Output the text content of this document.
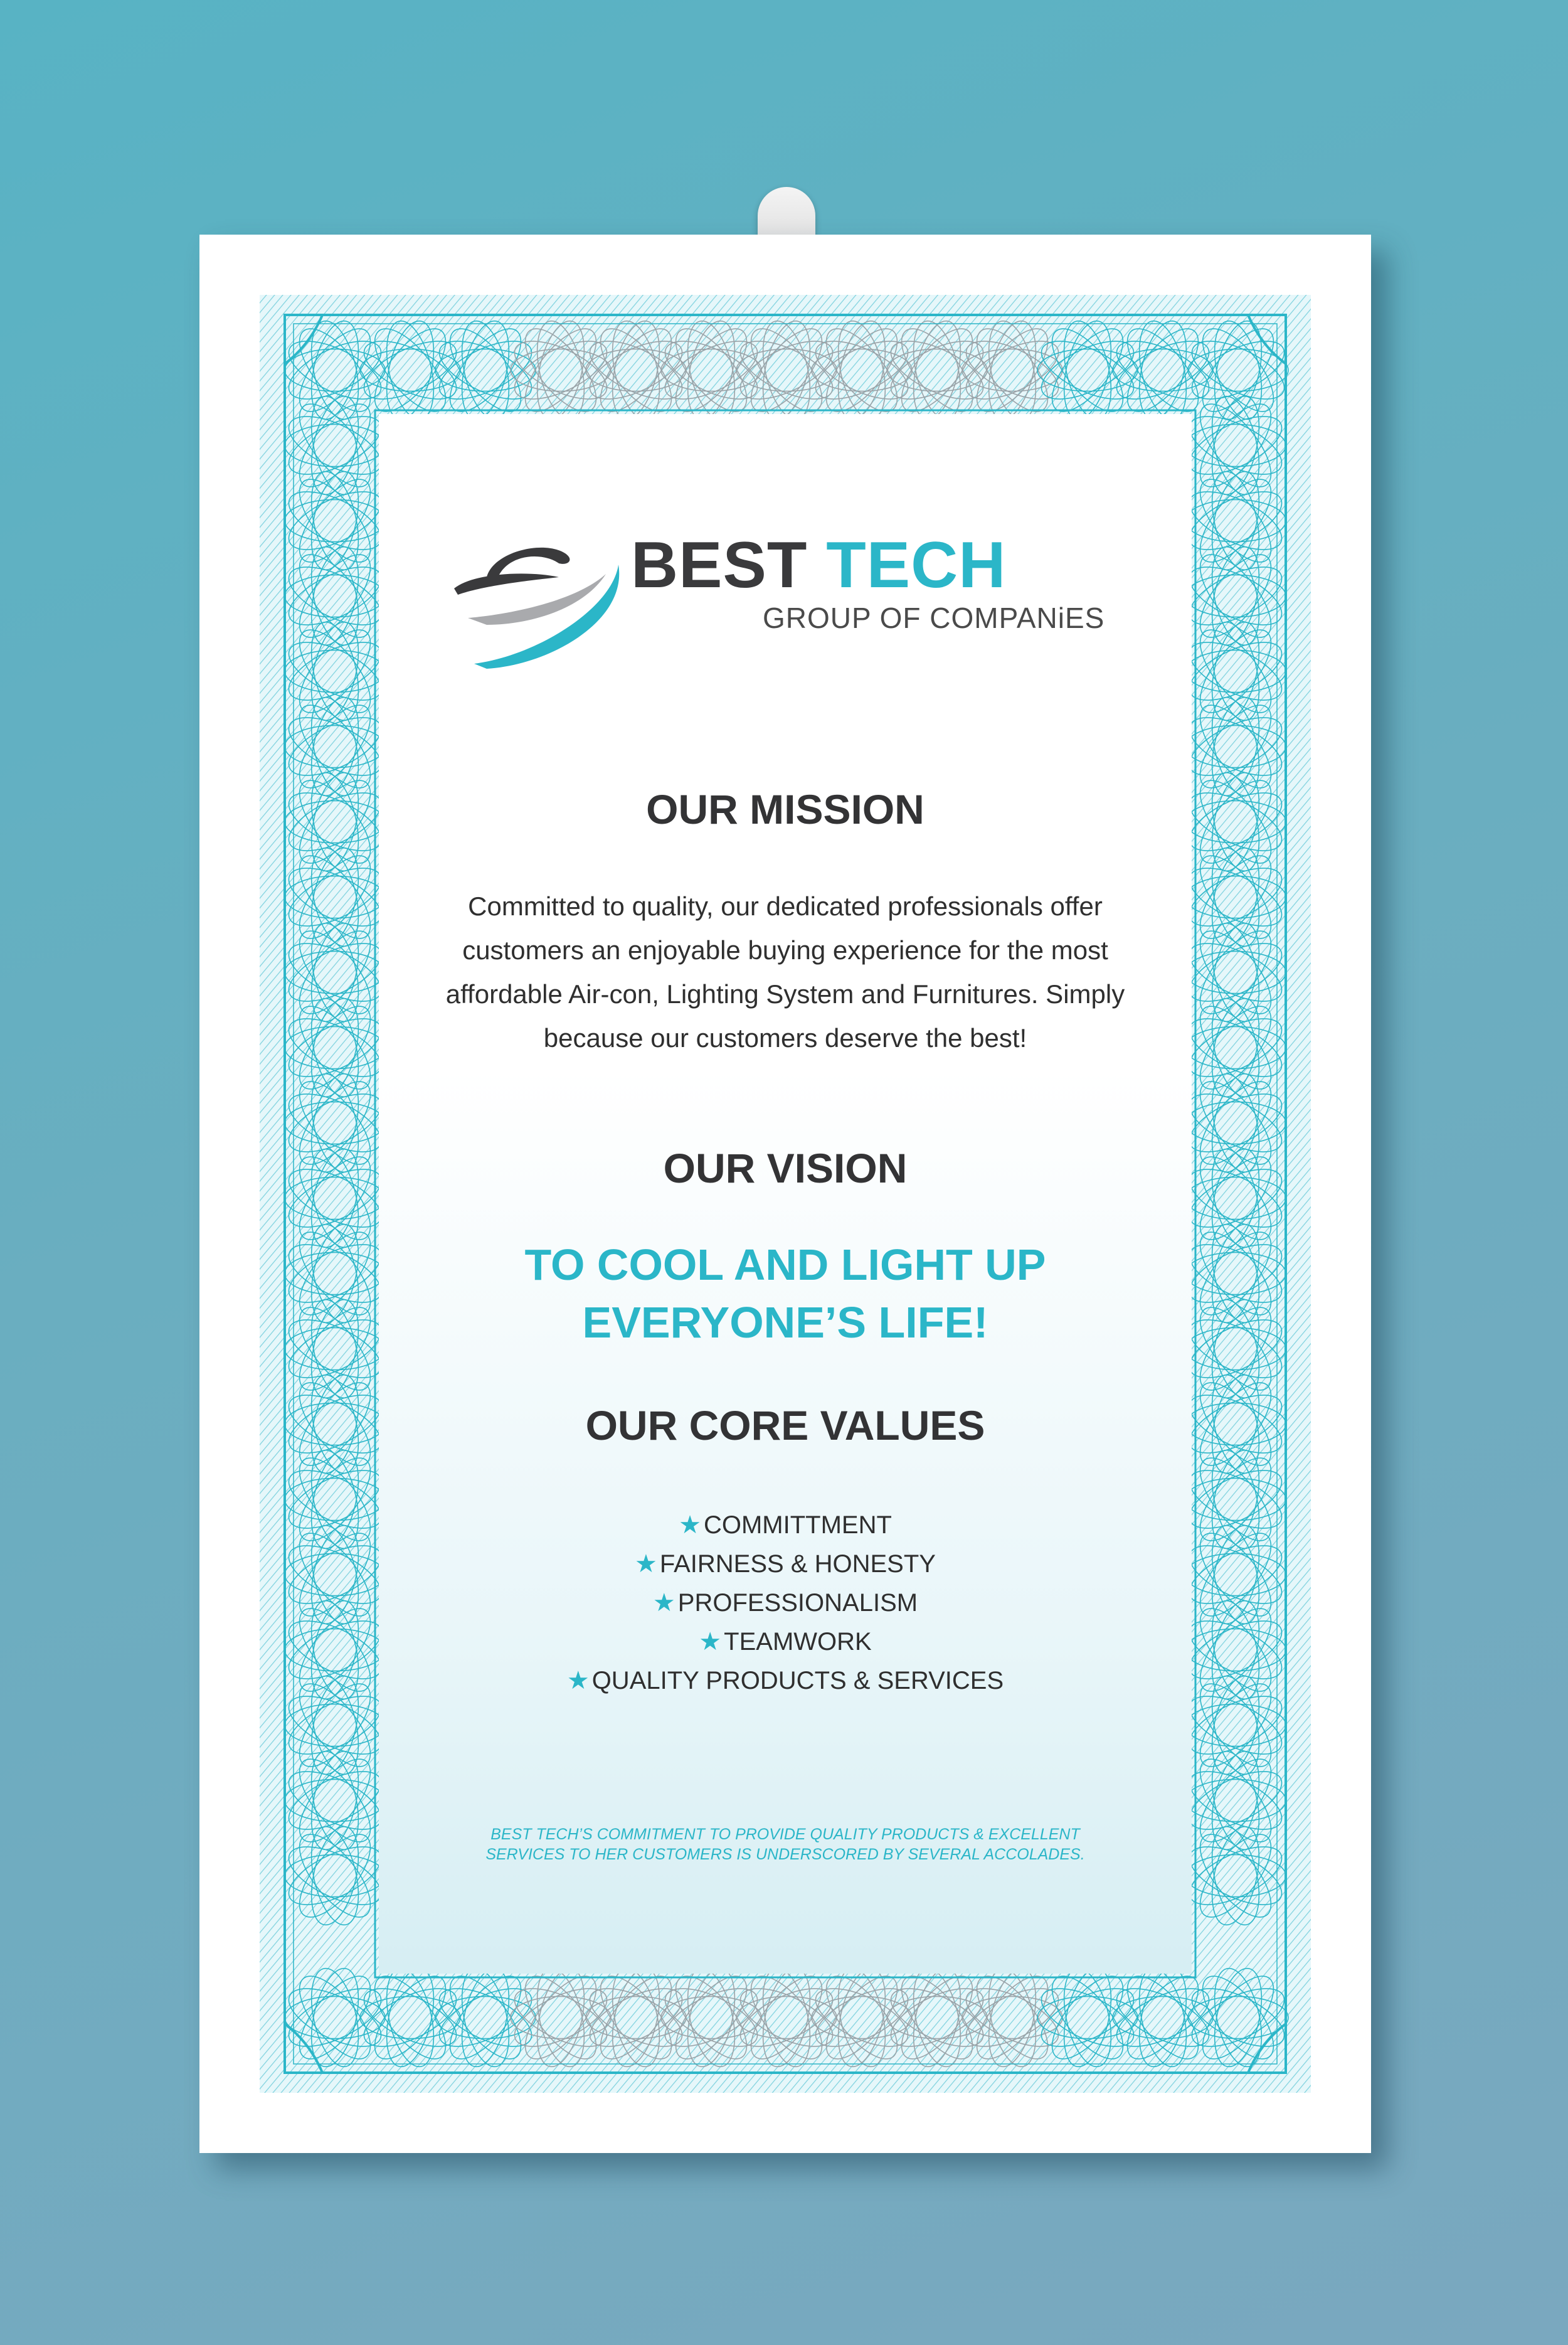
BEST TECH
GROUP OF COMPANiES
OUR MISSION
Committed to quality, our dedicated professionals offer customers an enjoyable buying experience for the most affordable Air-con, Lighting System and Furnitures. Simply because our customers deserve the best!
OUR VISION
TO COOL AND LIGHT UP
EVERYONE’S LIFE!
OUR CORE VALUES
★ COMMITTMENT
★ FAIRNESS & HONESTY
★ PROFESSIONALISM
★ TEAMWORK
★ QUALITY PRODUCTS & SERVICES
BEST TECH’S COMMITMENT TO PROVIDE QUALITY PRODUCTS & EXCELLENT
SERVICES TO HER CUSTOMERS IS UNDERSCORED BY SEVERAL ACCOLADES.
